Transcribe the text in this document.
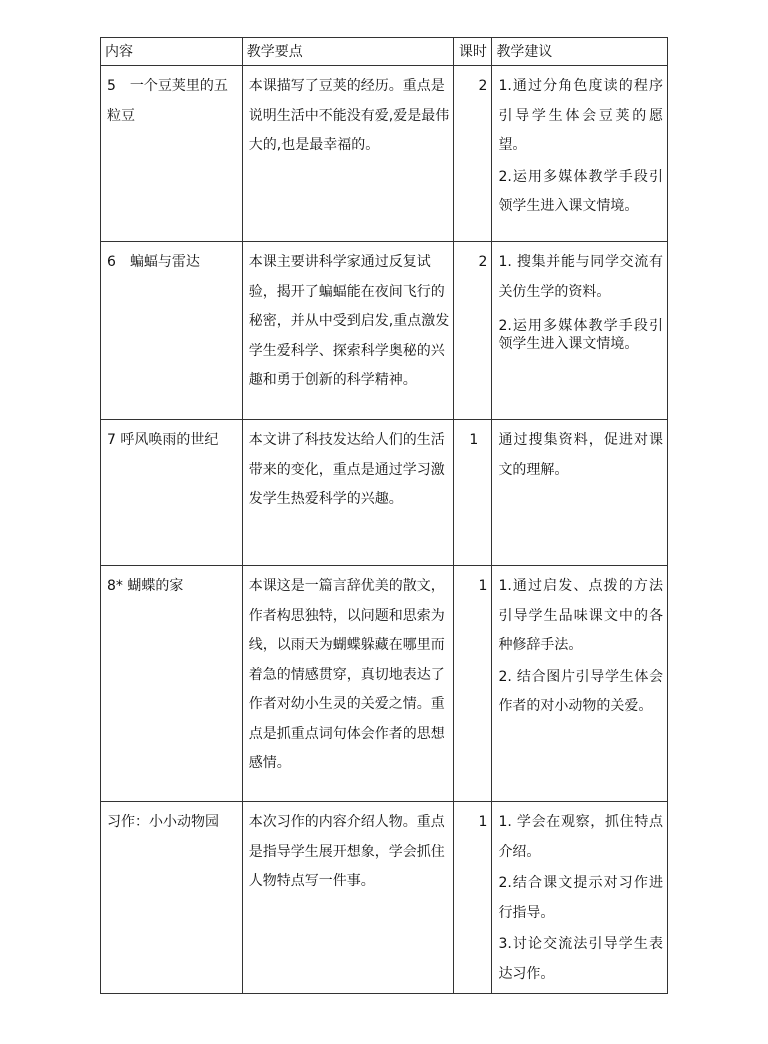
内容	教学要点	课时	教学建议
5　一个豆荚里的五粒豆	本课描写了豆荚的经历。重点是说明生活中不能没有爱,爱是最伟大的,也是最幸福的。	2	1.通过分角色度读的程序引导学生体会豆荚的愿望。
2.运用多媒体教学手段引领学生进入课文情境。

6　蝙蝠与雷达	本课主要讲科学家通过反复试验，揭开了蝙蝠能在夜间飞行的秘密，并从中受到启发,重点激发学生爱科学、探索科学奥秘的兴趣和勇于创新的科学精神。	2	1. 搜集并能与同学交流有关仿生学的资料。
2.运用多媒体教学手段引领学生进入课文情境。

7 呼风唤雨的世纪	本文讲了科技发达给人们的生活带来的变化，重点是通过学习激发学生热爱科学的兴趣。	1	通过搜集资料，促进对课文的理解。

8* 蝴蝶的家	本课这是一篇言辞优美的散文，作者构思独特，以问题和思索为线，以雨天为蝴蝶躲藏在哪里而着急的情感贯穿，真切地表达了作者对幼小生灵的关爱之情。重点是抓重点词句体会作者的思想感情。	1	1.通过启发、点拨的方法引导学生品味课文中的各种修辞手法。
2. 结合图片引导学生体会作者的对小动物的关爱。

习作：小小动物园	本次习作的内容介绍人物。重点是指导学生展开想象，学会抓住人物特点写一件事。	1	1. 学会在观察，抓住特点介绍。
2.结合课文提示对习作进行指导。
3.讨论交流法引导学生表达习作。
